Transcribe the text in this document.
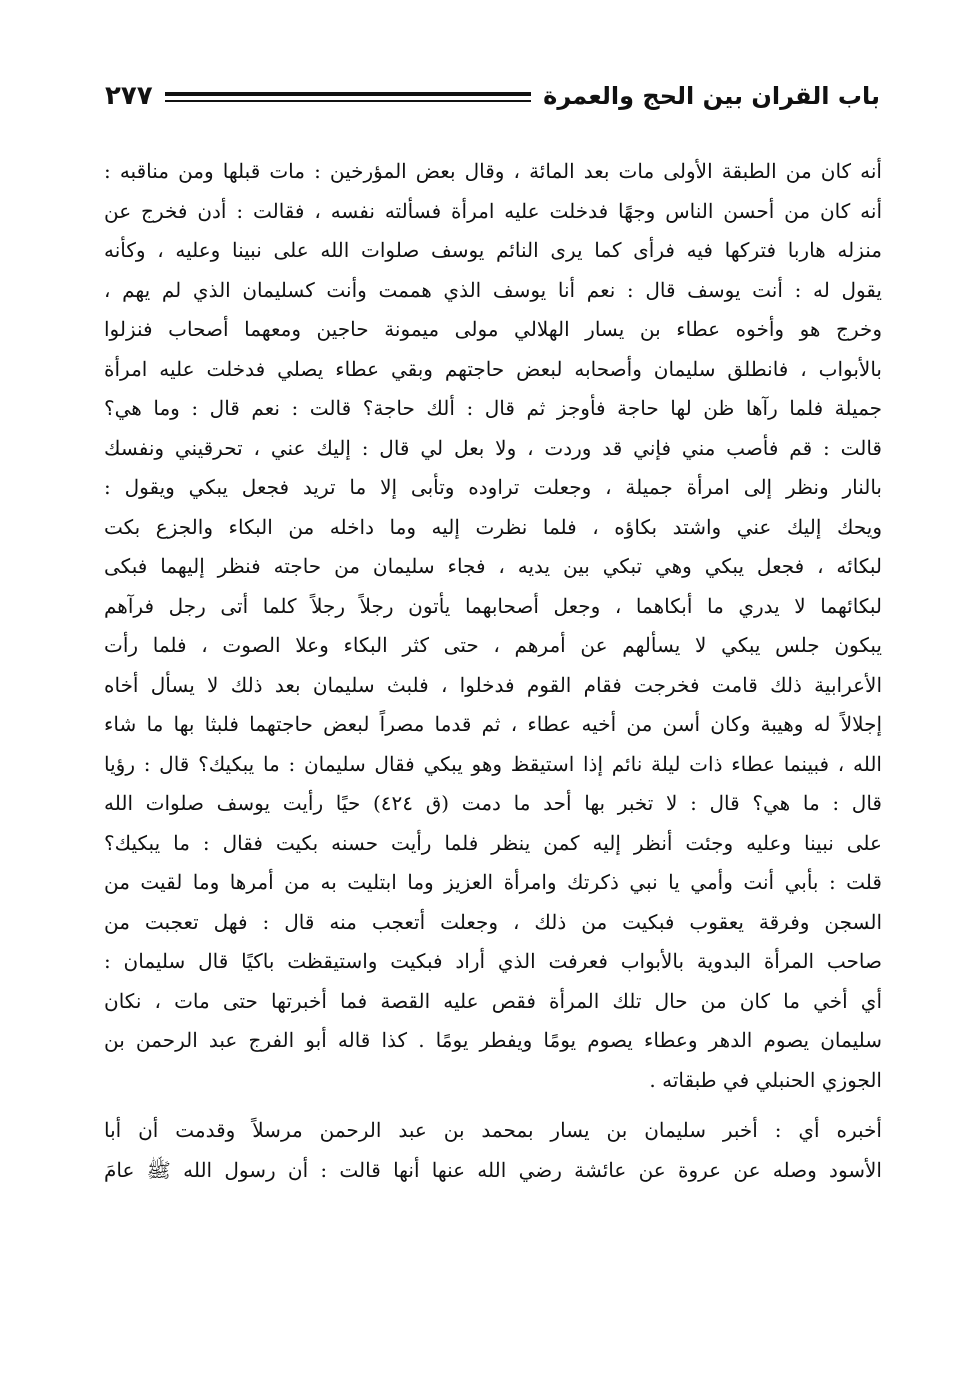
باب القران بين الحج والعمرة
٢٧٧
أنه كان من الطبقة الأولى مات بعد المائة ، وقال بعض المؤرخين : مات قبلها ومن مناقبه :
أنه كان من أحسن الناس وجهًا فدخلت عليه امرأة فسألته نفسه ، فقالت : أدن فخرج عن
منزله هاربا فتركها فيه فرأى كما يرى النائم يوسف صلوات الله على نبينا وعليه ، وكأنه
يقول له : أنت يوسف قال : نعم أنا يوسف الذي هممت وأنت كسليمان الذي لم يهم ،
وخرج هو وأخوه عطاء بن يسار الهلالي مولى ميمونة حاجين ومعهما أصحاب فنزلوا
بالأبواب ، فانطلق سليمان وأصحابه لبعض حاجتهم وبقي عطاء يصلي فدخلت عليه امرأة
جميلة فلما رآها ظن لها حاجة فأوجز ثم قال : ألك حاجة؟ قالت : نعم قال : وما هي؟
قالت : قم فأصب مني فإني قد وردت ، ولا بعل لي قال : إليك عني ، تحرقيني ونفسك
بالنار ونظر إلى امرأة جميلة ، وجعلت تراوده وتأبى إلا ما تريد فجعل يبكي ويقول :
ويحك إليك عني واشتد بكاؤه ، فلما نظرت إليه وما داخله من البكاء والجزع بكت
لبكائه ، فجعل يبكي وهي تبكي بين يديه ، فجاء سليمان من حاجته فنظر إليهما فبكى
لبكائهما لا يدري ما أبكاهما ، وجعل أصحابهما يأتون رجلاً رجلاً كلما أتى رجل فرآهم
يبكون جلس يبكي لا يسألهم عن أمرهم ، حتى كثر البكاء وعلا الصوت ، فلما رأت
الأعرابية ذلك قامت فخرجت فقام القوم فدخلوا ، فلبث سليمان بعد ذلك لا يسأل أخاه
إجلالاً له وهيبة وكان أسن من أخيه عطاء ، ثم قدما مصراً لبعض حاجتهما فلبثا بها ما شاء
الله ، فبينما عطاء ذات ليلة نائم إذا استيقظ وهو يبكي فقال سليمان : ما يبكيك؟ قال : رؤيا
قال : ما هي؟ قال : لا تخبر بها أحد ما دمت (ق ٤٢٤) حيًا رأيت يوسف صلوات الله
على نبينا وعليه وجئت أنظر إليه كمن ينظر فلما رأيت حسنه بكيت فقال : ما يبكيك؟
قلت : بأبي أنت وأمي يا نبي ذكرتك وامرأة العزيز وما ابتليت به من أمرها وما لقيت من
السجن وفرقة يعقوب فبكيت من ذلك ، وجعلت أتعجب منه قال : فهل تعجبت من
صاحب المرأة البدوية بالأبواب فعرفت الذي أراد فبكيت واستيقظت باكيًا قال سليمان :
أي أخي ما كان من حال تلك المرأة فقص عليه القصة فما أخبرتها حتى مات ، نكان
سليمان يصوم الدهر وعطاء يصوم يومًا ويفطر يومًا . كذا قاله أبو الفرج عبد الرحمن بن
الجوزي الحنبلي في طبقاته .
أخبره أي : أخبر سليمان بن يسار بمحمد بن عبد الرحمن مرسلاً وقدمت أن أبا
الأسود وصله عن عروة عن عائشة رضي الله عنها أنها قالت : أن رسول الله ﷺ عامَ
